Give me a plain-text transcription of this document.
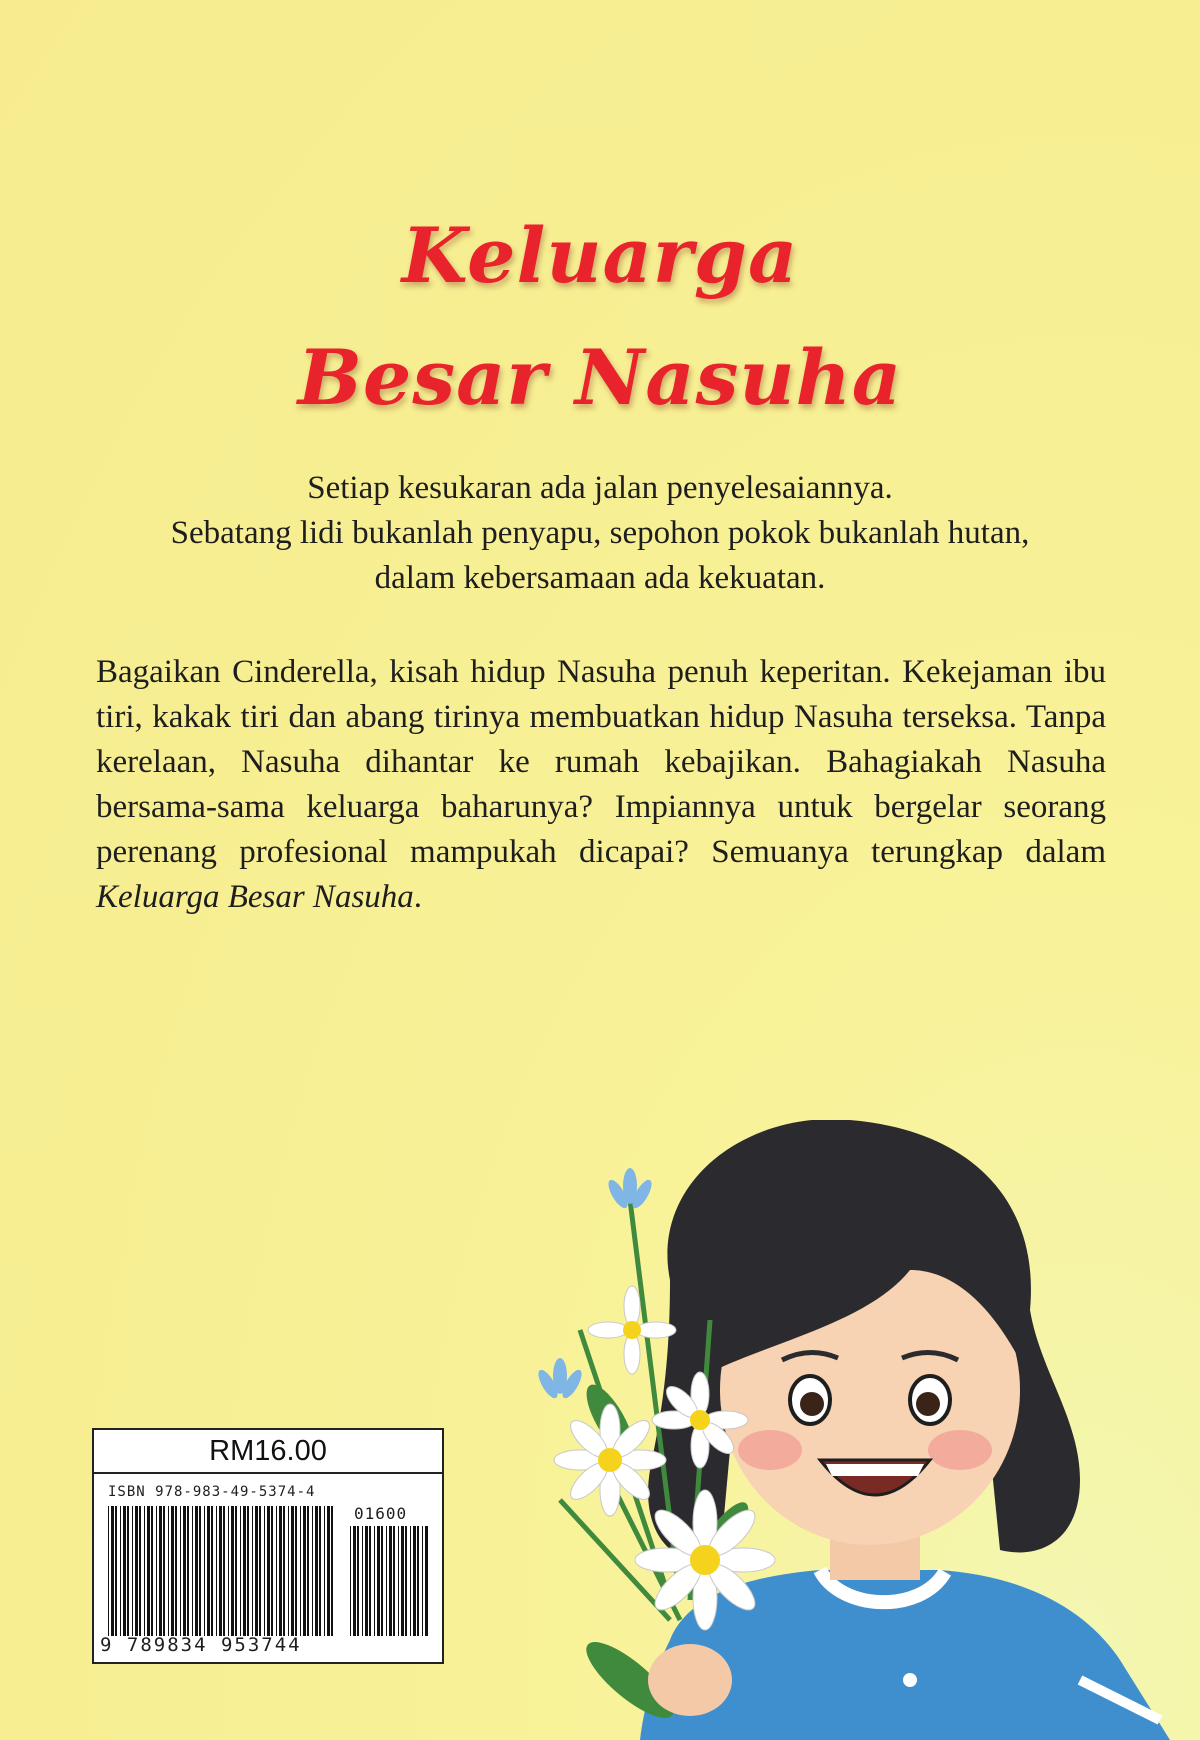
Keluarga
Besar Nasuha
Setiap kesukaran ada jalan penyelesaiannya.
Sebatang lidi bukanlah penyapu, sepohon pokok bukanlah hutan,
dalam kebersamaan ada kekuatan.
Bagaikan Cinderella, kisah hidup Nasuha penuh keperitan. Kekejaman ibu tiri, kakak tiri dan abang tirinya membuatkan hidup Nasuha terseksa. Tanpa kerelaan, Nasuha dihantar ke rumah kebajikan. Bahagiakah Nasuha bersama-sama keluarga baharunya? Impiannya untuk bergelar seorang perenang profesional mampukah dicapai? Semuanya terungkap dalam Keluarga Besar Nasuha.
RM16.00
ISBN 978-983-49-5374-4
01600
9 789834 953744
